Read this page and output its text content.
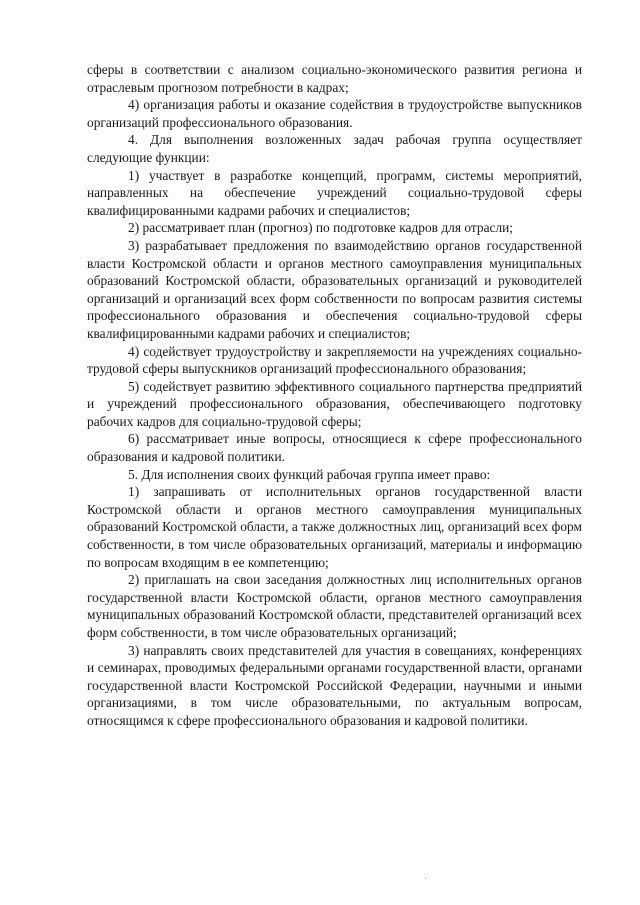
сферы в соответствии с анализом социально-экономического развития региона и отраслевым прогнозом потребности в кадрах;

4) организация работы и оказание содействия в трудоустройстве выпускников организаций профессионального образования.

4. Для выполнения возложенных задач рабочая группа осуществляет следующие функции:

1) участвует в разработке концепций, программ, системы мероприятий, направленных на обеспечение учреждений социально-трудовой сферы квалифицированными кадрами рабочих и специалистов;

2) рассматривает план (прогноз) по подготовке кадров для отрасли;

3) разрабатывает предложения по взаимодействию органов государственной власти Костромской области и органов местного самоуправления муниципальных образований Костромской области, образовательных организаций и руководителей организаций и организаций всех форм собственности по вопросам развития системы профессионального образования и обеспечения социально-трудовой сферы квалифицированными кадрами рабочих и специалистов;

4) содействует трудоустройству и закрепляемости на учреждениях социально-трудовой сферы выпускников организаций профессионального образования;

5) содействует развитию эффективного социального партнерства предприятий и учреждений профессионального образования, обеспечивающего подготовку рабочих кадров для социально-трудовой сферы;

6) рассматривает иные вопросы, относящиеся к сфере профессионального образования и кадровой политики.

5. Для исполнения своих функций рабочая группа имеет право:

1) запрашивать от исполнительных органов государственной власти Костромской области и органов местного самоуправления муниципальных образований Костромской области, а также должностных лиц, организаций всех форм собственности, в том числе образовательных организаций, материалы и информацию по вопросам входящим в ее компетенцию;

2) приглашать на свои заседания должностных лиц исполнительных органов государственной власти Костромской области, органов местного самоуправления муниципальных образований Костромской области, представителей организаций всех форм собственности, в том числе образовательных организаций;

3) направлять своих представителей для участия в совещаниях, конференциях и семинарах, проводимых федеральными органами государственной власти, органами государственной власти Костромской Российской Федерации, научными и иными организациями, в том числе образовательными, по актуальным вопросам, относящимся к сфере профессионального образования и кадровой политики.
